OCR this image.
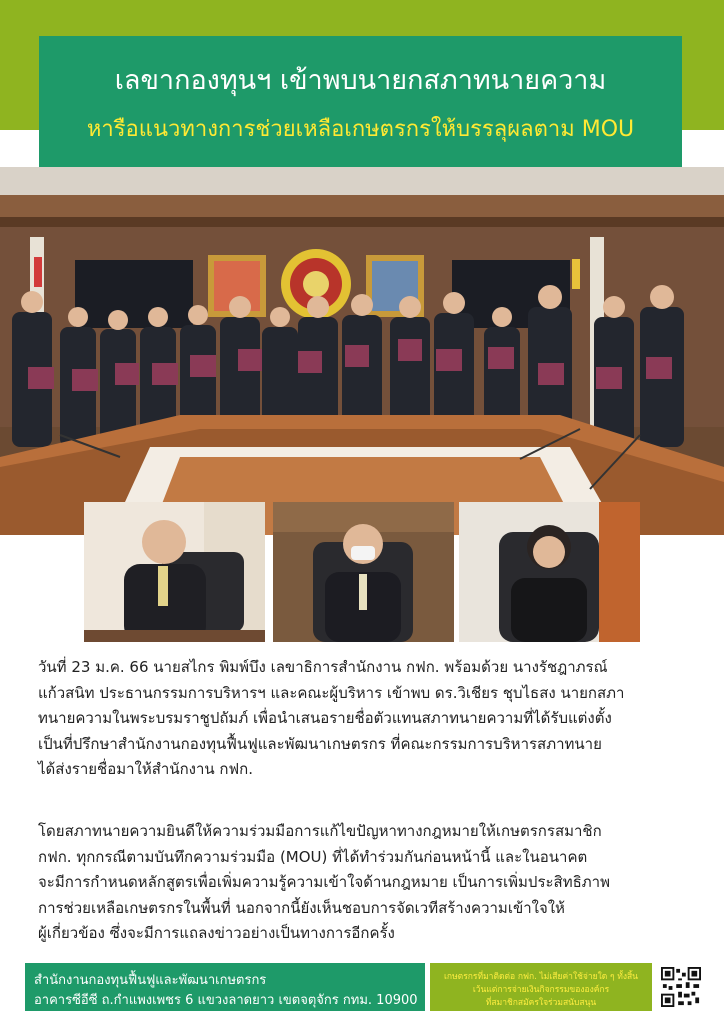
เลขากองทุนฯ เข้าพบนายกสภาทนายความ
หารือแนวทางการช่วยเหลือเกษตรกรให้บรรลุผลตาม MOU
วันที่ 23 ม.ค. 66 นายสไกร พิมพ์บึง เลขาธิการสำนักงาน กฟก. พร้อมด้วย นางรัชฎาภรณ์
แก้วสนิท ประธานกรรมการบริหารฯ และคณะผู้บริหาร เข้าพบ ดร.วิเชียร ชุบไธสง นายกสภา
ทนายความในพระบรมราชูปถัมภ์ เพื่อนำเสนอรายชื่อตัวแทนสภาทนายความที่ได้รับแต่งตั้ง
เป็นที่ปรึกษาสำนักงานกองทุนฟื้นฟูและพัฒนาเกษตรกร ที่คณะกรรมการบริหารสภาทนาย
ได้ส่งรายชื่อมาให้สำนักงาน กฟก.
โดยสภาทนายความยินดีให้ความร่วมมือการแก้ไขปัญหาทางกฎหมายให้เกษตรกรสมาชิก
กฟก. ทุกกรณีตามบันทึกความร่วมมือ (MOU) ที่ได้ทำร่วมกันก่อนหน้านี้ และในอนาคต
จะมีการกำหนดหลักสูตรเพื่อเพิ่มความรู้ความเข้าใจด้านกฎหมาย เป็นการเพิ่มประสิทธิภาพ
การช่วยเหลือเกษตรกรในพื้นที่ นอกจากนี้ยังเห็นชอบการจัดเวทีสร้างความเข้าใจให้
ผู้เกี่ยวข้อง ซึ่งจะมีการแถลงข่าวอย่างเป็นทางการอีกครั้ง
สำนักงานกองทุนฟื้นฟูและพัฒนาเกษตรกร
อาคารซีอีซี ถ.กำแพงเพชร 6 แขวงลาดยาว เขตจตุจักร กทม. 10900
เกษตรกรที่มาติดต่อ กฟก. ไม่เสียค่าใช้จ่ายใด ๆ ทั้งสิ้น
เว้นแต่การจ่ายเงินกิจกรรมขององค์กร
ที่สมาชิกสมัครใจร่วมสนับสนุน
